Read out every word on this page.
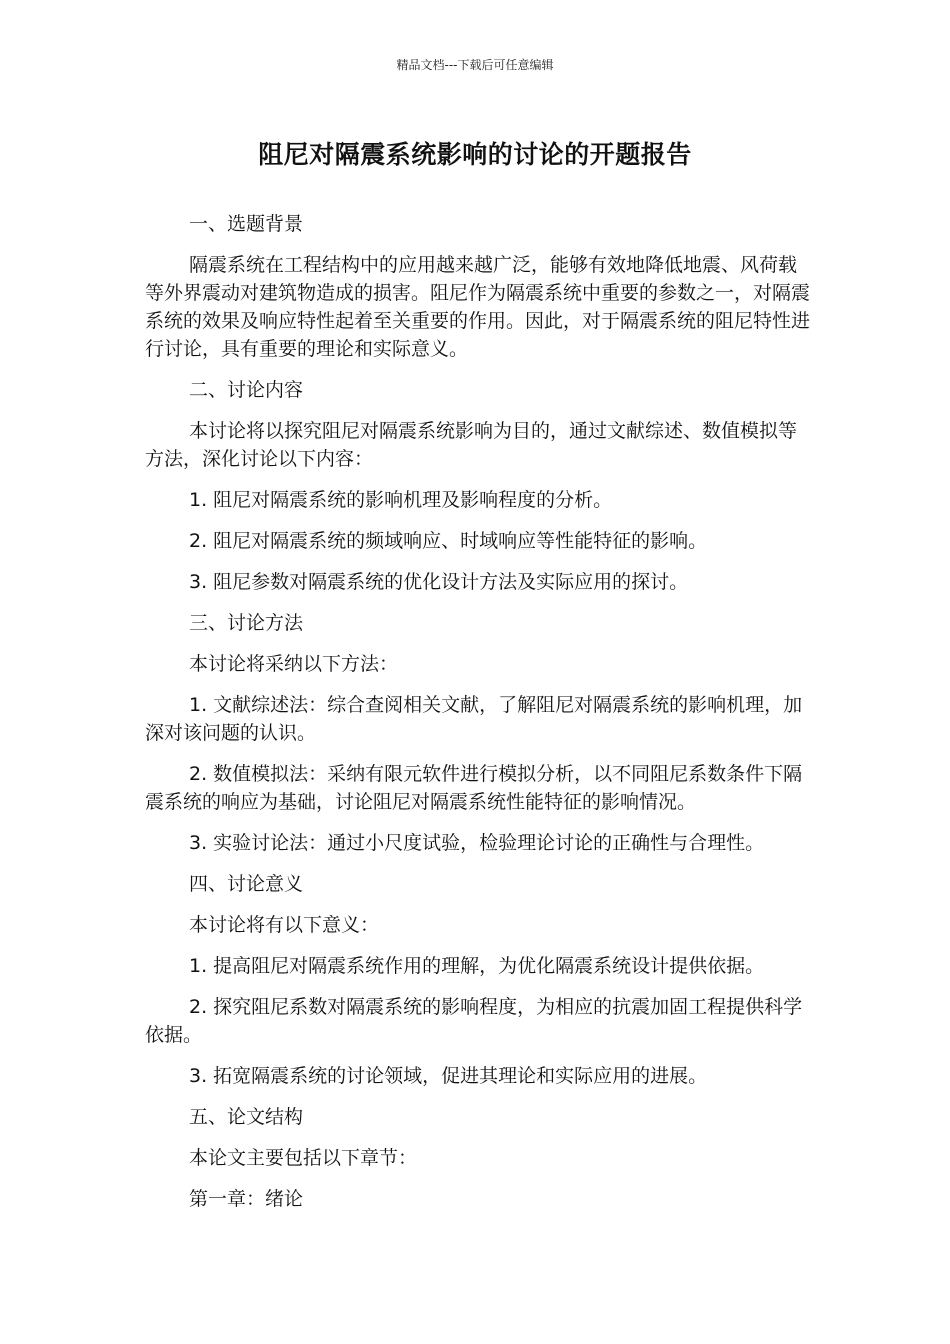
精品文档---下载后可任意编辑
阻尼对隔震系统影响的讨论的开题报告

一、选题背景

隔震系统在工程结构中的应用越来越广泛，能够有效地降低地震、风荷载等外界震动对建筑物造成的损害。阻尼作为隔震系统中重要的参数之一，对隔震系统的效果及响应特性起着至关重要的作用。因此，对于隔震系统的阻尼特性进行讨论，具有重要的理论和实际意义。

二、讨论内容

本讨论将以探究阻尼对隔震系统影响为目的，通过文献综述、数值模拟等方法，深化讨论以下内容：

1. 阻尼对隔震系统的影响机理及影响程度的分析。

2. 阻尼对隔震系统的频域响应、时域响应等性能特征的影响。

3. 阻尼参数对隔震系统的优化设计方法及实际应用的探讨。

三、讨论方法

本讨论将采纳以下方法：

1. 文献综述法：综合查阅相关文献，了解阻尼对隔震系统的影响机理，加深对该问题的认识。

2. 数值模拟法：采纳有限元软件进行模拟分析，以不同阻尼系数条件下隔震系统的响应为基础，讨论阻尼对隔震系统性能特征的影响情况。

3. 实验讨论法：通过小尺度试验，检验理论讨论的正确性与合理性。

四、讨论意义

本讨论将有以下意义：

1. 提高阻尼对隔震系统作用的理解，为优化隔震系统设计提供依据。

2. 探究阻尼系数对隔震系统的影响程度，为相应的抗震加固工程提供科学依据。

3. 拓宽隔震系统的讨论领域，促进其理论和实际应用的进展。

五、论文结构

本论文主要包括以下章节：

第一章：绪论
